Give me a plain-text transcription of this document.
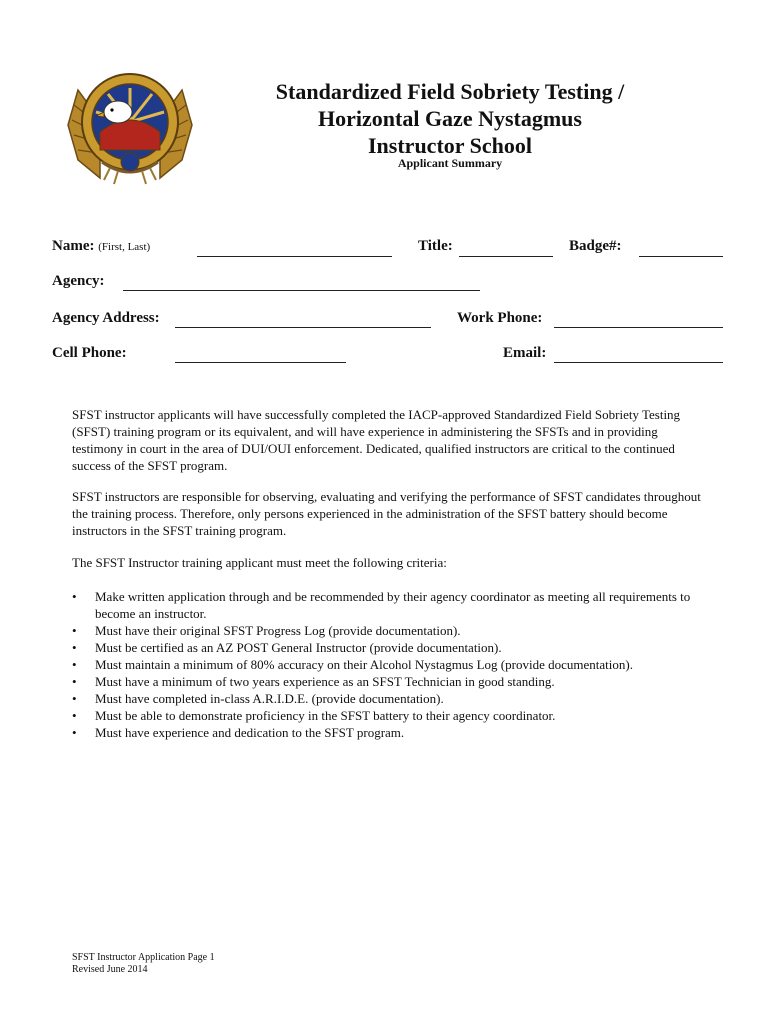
Standardized Field Sobriety Testing /
Horizontal Gaze Nystagmus
Instructor School
Applicant Summary
Name: (First, Last)	Title:	Badge#:
Agency:
Agency Address:	Work Phone:
Cell Phone:	Email:

SFST instructor applicants will have successfully completed the IACP-approved Standardized Field Sobriety Testing (SFST) training program or its equivalent, and will have experience in administering the SFSTs and in providing testimony in court in the area of DUI/OUI enforcement. Dedicated, qualified instructors are critical to the continued success of the SFST program.

SFST instructors are responsible for observing, evaluating and verifying the performance of SFST candidates throughout the training process. Therefore, only persons experienced in the administration of the SFST battery should become instructors in the SFST training program.

The SFST Instructor training applicant must meet the following criteria:
• Make written application through and be recommended by their agency coordinator as meeting all requirements to become an instructor.
• Must have their original SFST Progress Log (provide documentation).
• Must be certified as an AZ POST General Instructor (provide documentation).
• Must maintain a minimum of 80% accuracy on their Alcohol Nystagmus Log (provide documentation).
• Must have a minimum of two years experience as an SFST Technician in good standing.
• Must have completed in-class A.R.I.D.E. (provide documentation).
• Must be able to demonstrate proficiency in the SFST battery to their agency coordinator.
• Must have experience and dedication to the SFST program.
SFST Instructor Application Page 1
Revised June 2014
